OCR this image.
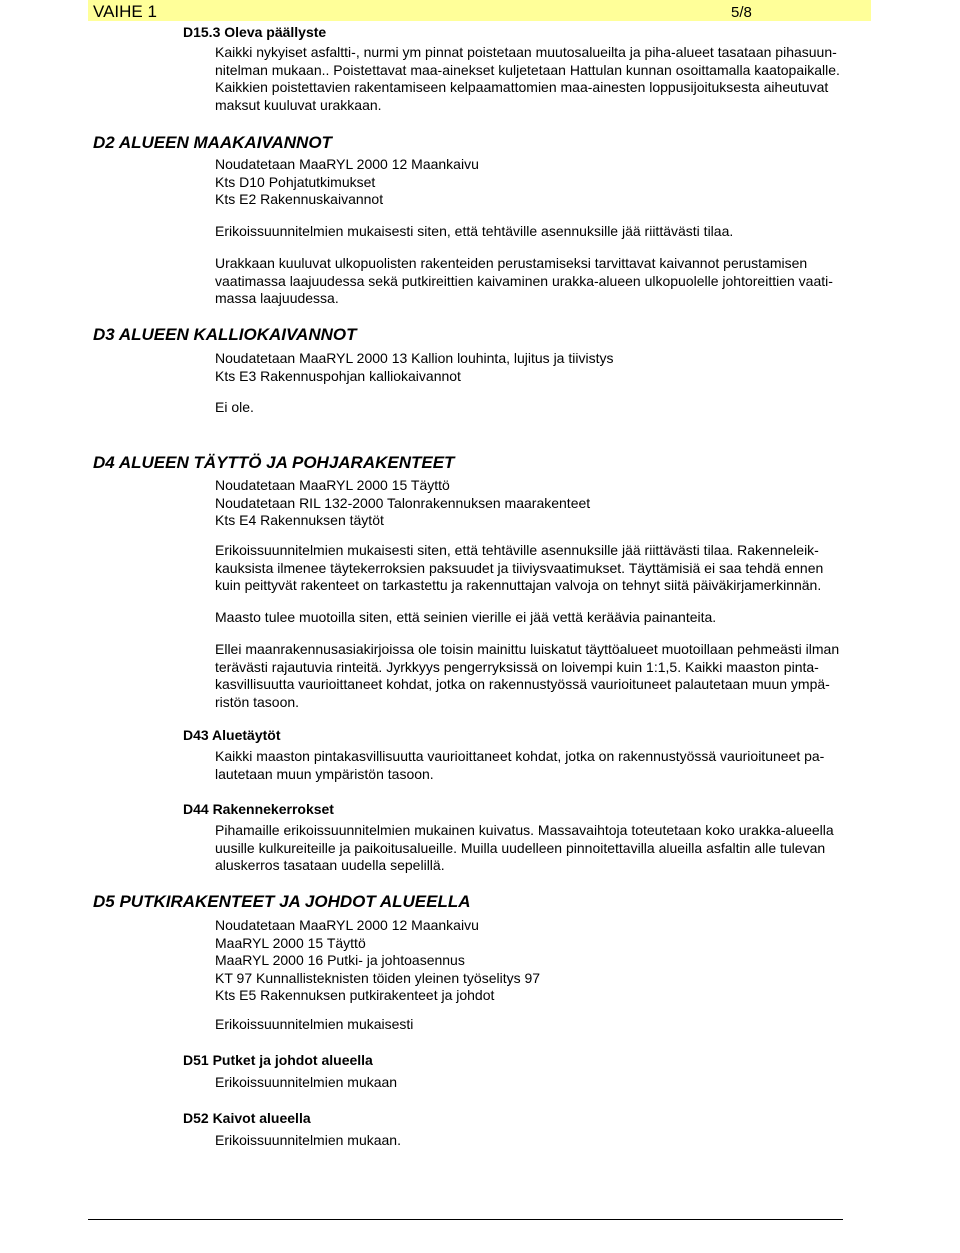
VAIHE 1	5/8
D15.3 Oleva päällyste
Kaikki nykyiset asfaltti-, nurmi ym pinnat poistetaan muutosalueilta ja piha-alueet tasataan pihasuun-
nitelman mukaan.. Poistettavat maa-ainekset kuljetetaan Hattulan kunnan osoittamalla kaatopaikalle.
Kaikkien poistettavien rakentamiseen kelpaamattomien maa-ainesten loppusijoituksesta aiheutuvat
maksut kuuluvat urakkaan.
D2 ALUEEN MAAKAIVANNOT
Noudatetaan MaaRYL 2000 12 Maankaivu
Kts D10 Pohjatutkimukset
Kts E2 Rakennuskaivannot
Erikoissuunnitelmien mukaisesti siten, että tehtäville asennuksille jää riittävästi tilaa.
Urakkaan kuuluvat ulkopuolisten rakenteiden perustamiseksi tarvittavat kaivannot perustamisen
vaatimassa laajuudessa sekä putkireittien kaivaminen urakka-alueen ulkopuolelle johtoreittien vaati-
massa laajuudessa.
D3 ALUEEN KALLIOKAIVANNOT
Noudatetaan MaaRYL 2000 13 Kallion louhinta, lujitus ja tiivistys
Kts E3 Rakennuspohjan kalliokaivannot
Ei ole.
D4 ALUEEN TÄYTTÖ JA POHJARAKENTEET
Noudatetaan MaaRYL 2000 15 Täyttö
Noudatetaan RIL 132-2000 Talonrakennuksen maarakenteet
Kts E4 Rakennuksen täytöt
Erikoissuunnitelmien mukaisesti siten, että tehtäville asennuksille jää riittävästi tilaa. Rakenneleik-
kauksista ilmenee täytekerroksien paksuudet ja tiiviysvaatimukset. Täyttämisiä ei saa tehdä ennen
kuin peittyvät rakenteet on tarkastettu ja rakennuttajan valvoja on tehnyt siitä päiväkirjamerkinnän.
Maasto tulee muotoilla siten, että seinien vierille ei jää vettä keräävia painanteita.
Ellei maanrakennusasiakirjoissa ole toisin mainittu luiskatut täyttöalueet muotoillaan pehmeästi ilman
terävästi rajautuvia rinteitä. Jyrkkyys pengerryksissä on loivempi kuin 1:1,5. Kaikki maaston pinta-
kasvillisuutta vaurioittaneet kohdat, jotka on rakennustyössä vaurioituneet palautetaan muun ympä-
ristön tasoon.
D43 Aluetäytöt
Kaikki maaston pintakasvillisuutta vaurioittaneet kohdat, jotka on rakennustyössä vaurioituneet pa-
lautetaan muun ympäristön tasoon.
D44 Rakennekerrokset
Pihamaille erikoissuunnitelmien mukainen kuivatus. Massavaihtoja toteutetaan koko urakka-alueella
uusille kulkureiteille ja paikoitusalueille. Muilla uudelleen pinnoitettavilla alueilla asfaltin alle tulevan
aluskerros tasataan uudella sepelillä.
D5 PUTKIRAKENTEET JA JOHDOT ALUEELLA
Noudatetaan MaaRYL 2000 12 Maankaivu
MaaRYL 2000 15 Täyttö
MaaRYL 2000 16 Putki- ja johtoasennus
KT 97 Kunnallisteknisten töiden yleinen työselitys 97
Kts E5 Rakennuksen putkirakenteet ja johdot
Erikoissuunnitelmien mukaisesti
D51 Putket ja johdot alueella
Erikoissuunnitelmien mukaan
D52 Kaivot alueella
Erikoissuunnitelmien mukaan.
